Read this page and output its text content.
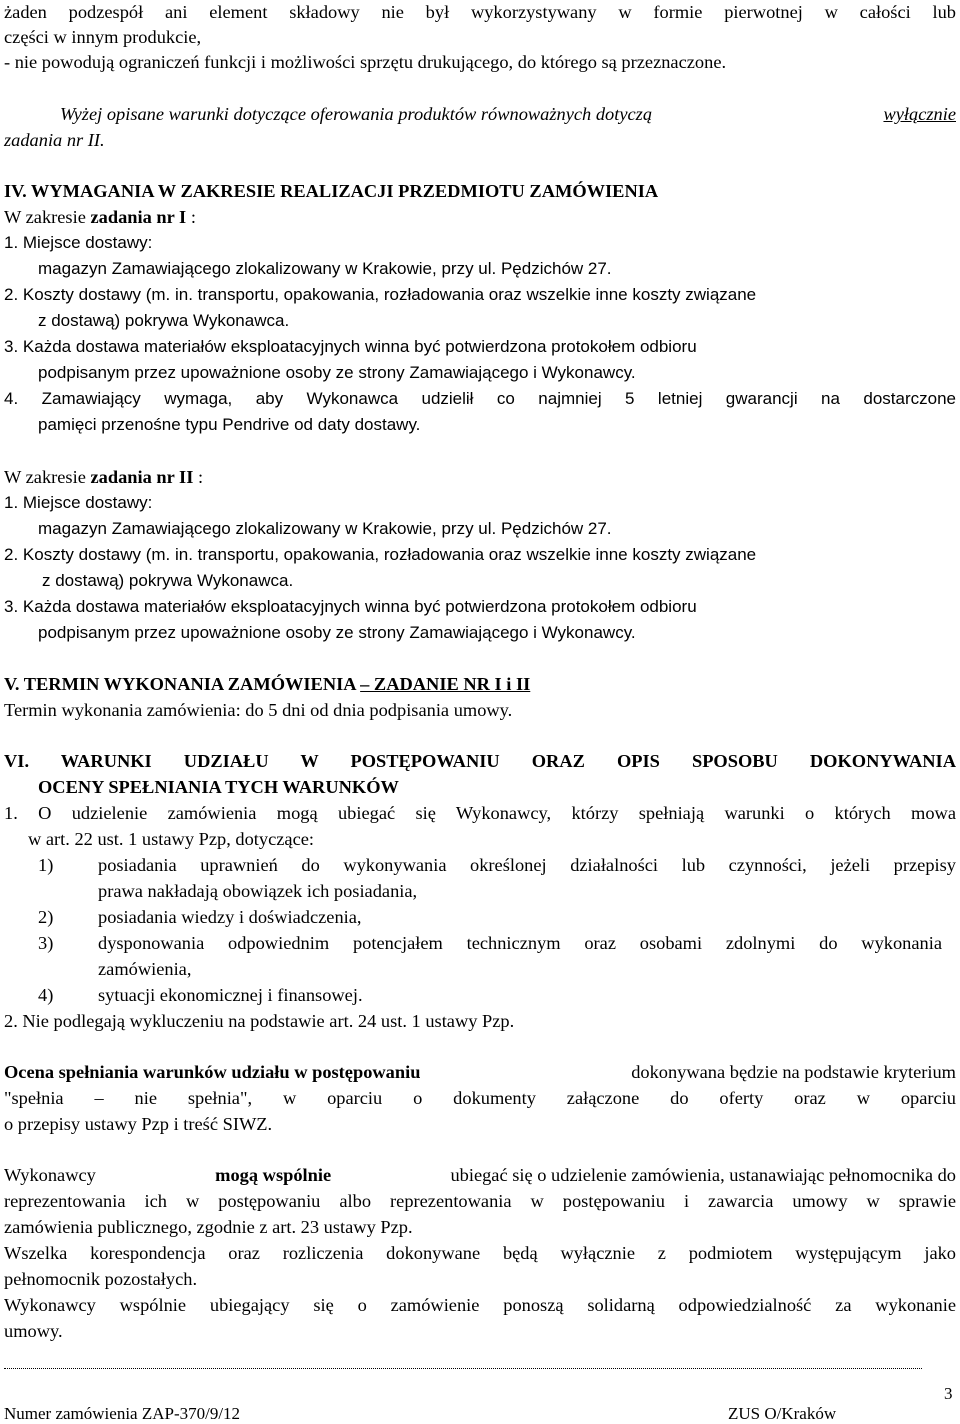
żaden podzespół ani element składowy nie był wykorzystywany w formie pierwotnej w całości lub
części w innym produkcie,
- nie powodują ograniczeń funkcji i możliwości sprzętu drukującego, do którego są przeznaczone.
Wyżej opisane warunki dotyczące oferowania produktów równoważnych dotyczą	wyłącznie
zadania nr II.
IV. WYMAGANIA W ZAKRESIE REALIZACJI PRZEDMIOTU ZAMÓWIENIA
W zakresie zadania nr I :
1. Miejsce dostawy:
magazyn Zamawiającego zlokalizowany w Krakowie, przy ul. Pędzichów 27.
2. Koszty dostawy (m. in. transportu, opakowania, rozładowania oraz wszelkie inne koszty związane
z dostawą) pokrywa Wykonawca.
3. Każda dostawa materiałów eksploatacyjnych winna być potwierdzona protokołem odbioru
podpisanym przez upoważnione osoby ze strony Zamawiającego i Wykonawcy.
4. Zamawiający wymaga, aby Wykonawca udzielił co najmniej 5 letniej gwarancji na dostarczone
pamięci przenośne typu Pendrive od daty dostawy.
W zakresie zadania nr II :
1. Miejsce dostawy:
magazyn Zamawiającego zlokalizowany w Krakowie, przy ul. Pędzichów 27.
2. Koszty dostawy (m. in. transportu, opakowania, rozładowania oraz wszelkie inne koszty związane
z dostawą) pokrywa Wykonawca.
3. Każda dostawa materiałów eksploatacyjnych winna być potwierdzona protokołem odbioru
podpisanym przez upoważnione osoby ze strony Zamawiającego i Wykonawcy.
V. TERMIN WYKONANIA ZAMÓWIENIA – ZADANIE NR I i II
Termin wykonania zamówienia: do 5 dni od dnia podpisania umowy.
VI. WARUNKI UDZIAŁU W POSTĘPOWANIU ORAZ OPIS SPOSOBU DOKONYWANIA
OCENY SPEŁNIANIA TYCH WARUNKÓW
1. O udzielenie zamówienia mogą ubiegać się Wykonawcy, którzy spełniają warunki o których mowa
w art. 22 ust. 1 ustawy Pzp, dotyczące:
1) posiadania uprawnień do wykonywania określonej działalności lub czynności, jeżeli przepisy
prawa nakładają obowiązek ich posiadania,
2) posiadania wiedzy i doświadczenia,
3) dysponowania odpowiednim potencjałem technicznym oraz osobami zdolnymi do wykonania
zamówienia,
4) sytuacji ekonomicznej i finansowej.
2. Nie podlegają wykluczeniu na podstawie art. 24 ust. 1 ustawy Pzp.
Ocena spełniania warunków udziału w postępowaniu	dokonywana będzie na podstawie kryterium
"spełnia – nie spełnia", w oparciu o dokumenty załączone do oferty oraz w oparciu
o przepisy ustawy Pzp i treść SIWZ.
Wykonawcy	mogą wspólnie	ubiegać się o udzielenie zamówienia, ustanawiając pełnomocnika do
reprezentowania ich w postępowaniu albo reprezentowania w postępowaniu i zawarcia umowy w sprawie
zamówienia publicznego, zgodnie z art. 23 ustawy Pzp.
Wszelka korespondencja oraz rozliczenia dokonywane będą wyłącznie z podmiotem występującym jako
pełnomocnik pozostałych.
Wykonawcy wspólnie ubiegający się o zamówienie ponoszą solidarną odpowiedzialność za wykonanie
umowy.
3
Numer zamówienia ZAP-370/9/12	ZUS O/Kraków
